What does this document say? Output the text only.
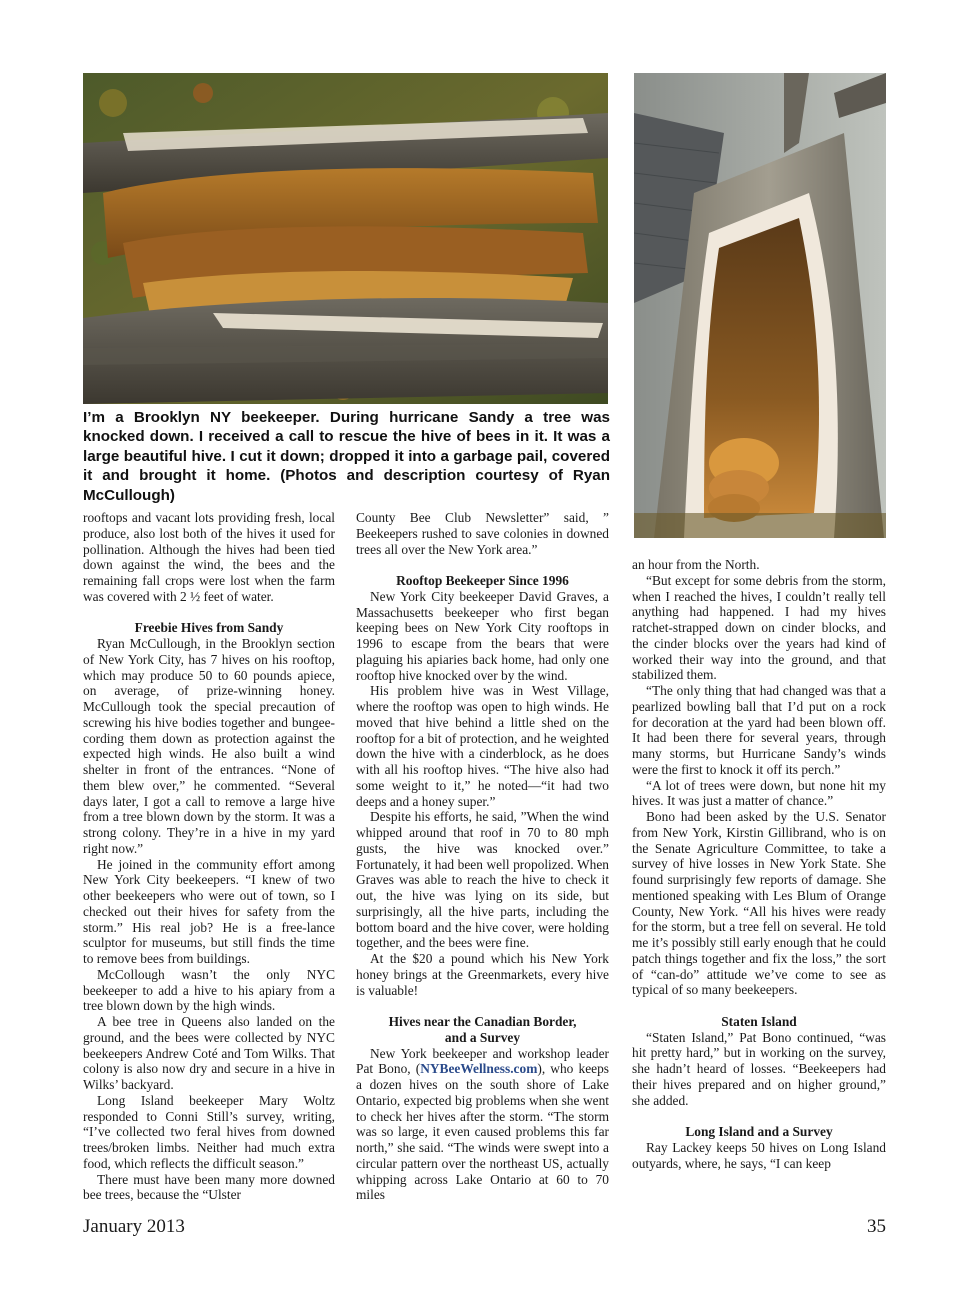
I’m a Brooklyn NY beekeeper. During hurricane Sandy a tree was knocked down. I received a call to rescue the hive of bees in it. It was a large beautiful hive. I cut it down; dropped it into a garbage pail, covered it and brought it home. (Photos and description courtesy of Ryan McCullough)

rooftops and vacant lots providing fresh, local produce, also lost both of the hives it used for pollination. Although the hives had been tied down against the wind, the bees and the remaining fall crops were lost when the farm was covered with 2 ½ feet of water.

Freebie Hives from Sandy

Ryan McCullough, in the Brooklyn section of New York City, has 7 hives on his rooftop, which may produce 50 to 60 pounds apiece, on average, of prize-winning honey. McCullough took the special precaution of screwing his hive bodies together and bungee-cording them down as protection against the expected high winds. He also built a wind shelter in front of the entrances. “None of them blew over,” he commented. “Several days later, I got a call to remove a large hive from a tree blown down by the storm. It was a strong colony. They’re in a hive in my yard right now.”

He joined in the community effort among New York City beekeepers. “I knew of two other beekeepers who were out of town, so I checked out their hives for safety from the storm.” His real job? He is a free-lance sculptor for museums, but still finds the time to remove bees from buildings.

McCollough wasn’t the only NYC beekeeper to add a hive to his apiary from a tree blown down by the high winds.

A bee tree in Queens also landed on the ground, and the bees were collected by NYC beekeepers Andrew Coté and Tom Wilks. That colony is also now dry and secure in a hive in Wilks’ backyard.

Long Island beekeeper Mary Woltz responded to Conni Still’s survey, writing, “I’ve collected two feral hives from downed trees/broken limbs. Neither had much extra food, which reflects the difficult season.”

There must have been many more downed bee trees, because the “Ulster

County Bee Club Newsletter” said, ” Beekeepers rushed to save colonies in downed trees all over the New York area.”

Rooftop Beekeeper Since 1996

New York City beekeeper David Graves, a Massachusetts beekeeper who first began keeping bees on New York City rooftops in 1996 to escape from the bears that were plaguing his apiaries back home, had only one rooftop hive knocked over by the wind.

His problem hive was in West Village, where the rooftop was open to high winds. He moved that hive behind a little shed on the rooftop for a bit of protection, and he weighted down the hive with a cinderblock, as he does with all his rooftop hives. “The hive also had some weight to it,” he noted—“it had two deeps and a honey super.”

Despite his efforts, he said, ”When the wind whipped around that roof in 70 to 80 mph gusts, the hive was knocked over.” Fortunately, it had been well propolized. When Graves was able to reach the hive to check it out, the hive was lying on its side, but surprisingly, all the hive parts, including the bottom board and the hive cover, were holding together, and the bees were fine.

At the $20 a pound which his New York honey brings at the Greenmarkets, every hive is valuable!

Hives near the Canadian Border,
and a Survey

New York beekeeper and workshop leader Pat Bono, (NYBeeWellness.com), who keeps a dozen hives on the south shore of Lake Ontario, expected big problems when she went to check her hives after the storm. “The storm was so large, it even caused problems this far north,” she said. “The winds were swept into a circular pattern over the northeast US, actually whipping across Lake Ontario at 60 to 70 miles

an hour from the North.

“But except for some debris from the storm, when I reached the hives, I couldn’t really tell anything had happened. I had my hives ratchet-strapped down on cinder blocks, and the cinder blocks over the years had kind of worked their way into the ground, and that stabilized them.

“The only thing that had changed was that a pearlized bowling ball that I’d put on a rock for decoration at the yard had been blown off. It had been there for several years, through many storms, but Hurricane Sandy’s winds were the first to knock it off its perch.”

“A lot of trees were down, but none hit my hives. It was just a matter of chance.”

Bono had been asked by the U.S. Senator from New York, Kirstin Gillibrand, who is on the Senate Agriculture Committee, to take a survey of hive losses in New York State. She found surprisingly few reports of damage. She mentioned speaking with Les Blum of Orange County, New York. “All his hives were ready for the storm, but a tree fell on several. He told me it’s possibly still early enough that he could patch things together and fix the loss,” the sort of “can-do” attitude we’ve come to see as typical of so many beekeepers.

Staten Island

“Staten Island,” Pat Bono continued, “was hit pretty hard,” but in working on the survey, she hadn’t heard of losses. “Beekeepers had their hives prepared and on higher ground,” she added.

Long Island and a Survey

Ray Lackey keeps 50 hives on Long Island outyards, where, he says, “I can keep

January 2013	35
